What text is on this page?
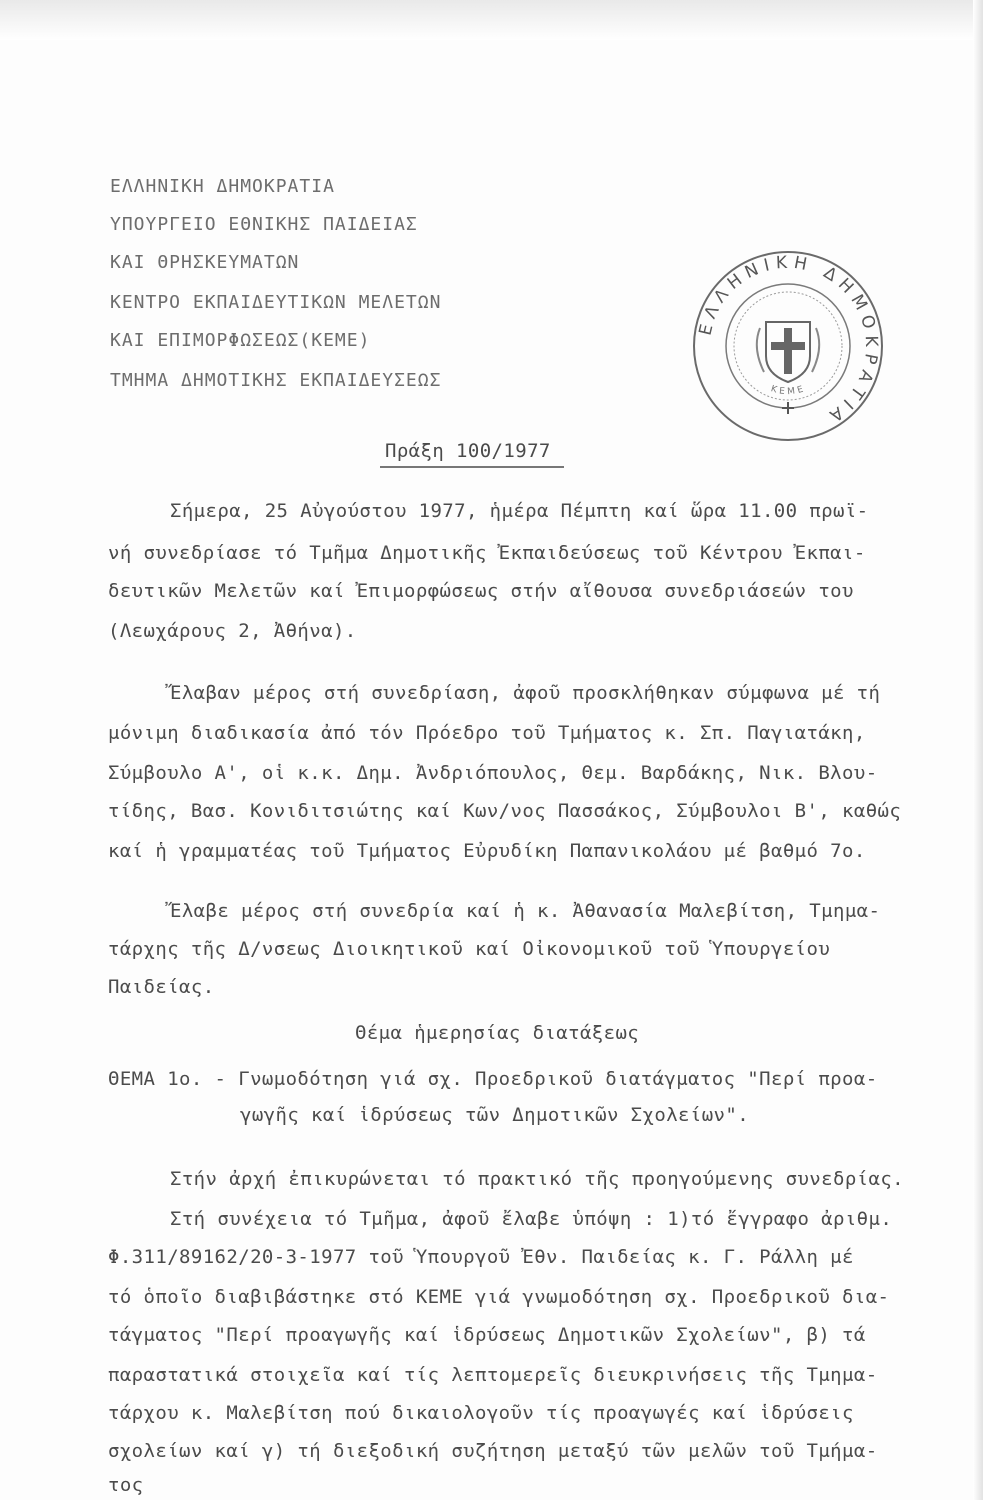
ΕΛΛΗΝΙΚΗ ΔΗΜΟΚΡΑΤΙΑ
ΥΠΟΥΡΓΕΙΟ ΕΘΝΙΚΗΣ ΠΑΙΔΕΙΑΣ
ΚΑΙ ΘΡΗΣΚΕΥΜΑΤΩΝ
ΚΕΝΤΡΟ ΕΚΠΑΙΔΕΥΤΙΚΩΝ ΜΕΛΕΤΩΝ
ΚΑΙ ΕΠΙΜΟΡΦΩΣΕΩΣ(ΚΕΜΕ)
ΤΜΗΜΑ ΔΗΜΟΤΙΚΗΣ ΕΚΠΑΙΔΕΥΣΕΩΣ
ΕΛΛΗΝΙΚΗ ΔΗΜΟΚΡΑΤΙΑ
ΚΕΜΕ
Πράξη 100/1977
Σήμερα, 25 Αὐγούστου 1977, ἡμέρα Πέμπτη καί ὥρα 11.00 πρωϊ-
νή συνεδρίασε τό Τμῆμα Δημοτικῆς Ἐκπαιδεύσεως τοῦ Κέντρου Ἐκπαι-
δευτικῶν Μελετῶν καί Ἐπιμορφώσεως στήν αἴθουσα συνεδριάσεών του
(Λεωχάρους 2, Ἀθήνα).
Ἔλαβαν μέρος στή συνεδρίαση, ἀφοῦ προσκλήθηκαν σύμφωνα μέ τή
μόνιμη διαδικασία ἀπό τόν Πρόεδρο τοῦ Τμήματος κ. Σπ. Παγιατάκη,
Σύμβουλο Α', οἱ κ.κ. Δημ. Ἀνδριόπουλος, Θεμ. Βαρδάκης, Νικ. Βλου-
τίδης, Βασ. Κονιδιτσιώτης καί Κων/νος Πασσάκος, Σύμβουλοι Β', καθώς
καί ἡ γραμματέας τοῦ Τμήματος Εὐρυδίκη Παπανικολάου μέ βαθμό 7ο.
Ἔλαβε μέρος στή συνεδρία καί ἡ κ. Ἀθανασία Μαλεβίτση, Τμημα-
τάρχης τῆς Δ/νσεως Διοικητικοῦ καί Οἰκονομικοῦ τοῦ Ὑπουργείου
Παιδείας.
Θέμα ἡμερησίας διατάξεως
ΘΕΜΑ 1ο. - Γνωμοδότηση γιά σχ. Προεδρικοῦ διατάγματος "Περί προα-
γωγῆς καί ἱδρύσεως τῶν Δημοτικῶν Σχολείων".
Στήν ἀρχή ἐπικυρώνεται τό πρακτικό τῆς προηγούμενης συνεδρίας.
Στή συνέχεια τό Τμῆμα, ἀφοῦ ἔλαβε ὑπόψη : 1)τό ἔγγραφο ἀριθμ.
Φ.311/89162/20-3-1977 τοῦ Ὑπουργοῦ Ἐθν. Παιδείας κ. Γ. Ράλλη μέ
τό ὁποῖο διαβιβάστηκε στό ΚΕΜΕ γιά γνωμοδότηση σχ. Προεδρικοῦ δια-
τάγματος "Περί προαγωγῆς καί ἱδρύσεως Δημοτικῶν Σχολείων", β) τά
παραστατικά στοιχεῖα καί τίς λεπτομερεῖς διευκρινήσεις τῆς Τμημα-
τάρχου κ. Μαλεβίτση πού δικαιολογοῦν τίς προαγωγές καί ἱδρύσεις
σχολείων καί γ) τή διεξοδική συζήτηση μεταξύ τῶν μελῶν τοῦ Τμήμα-
τος
